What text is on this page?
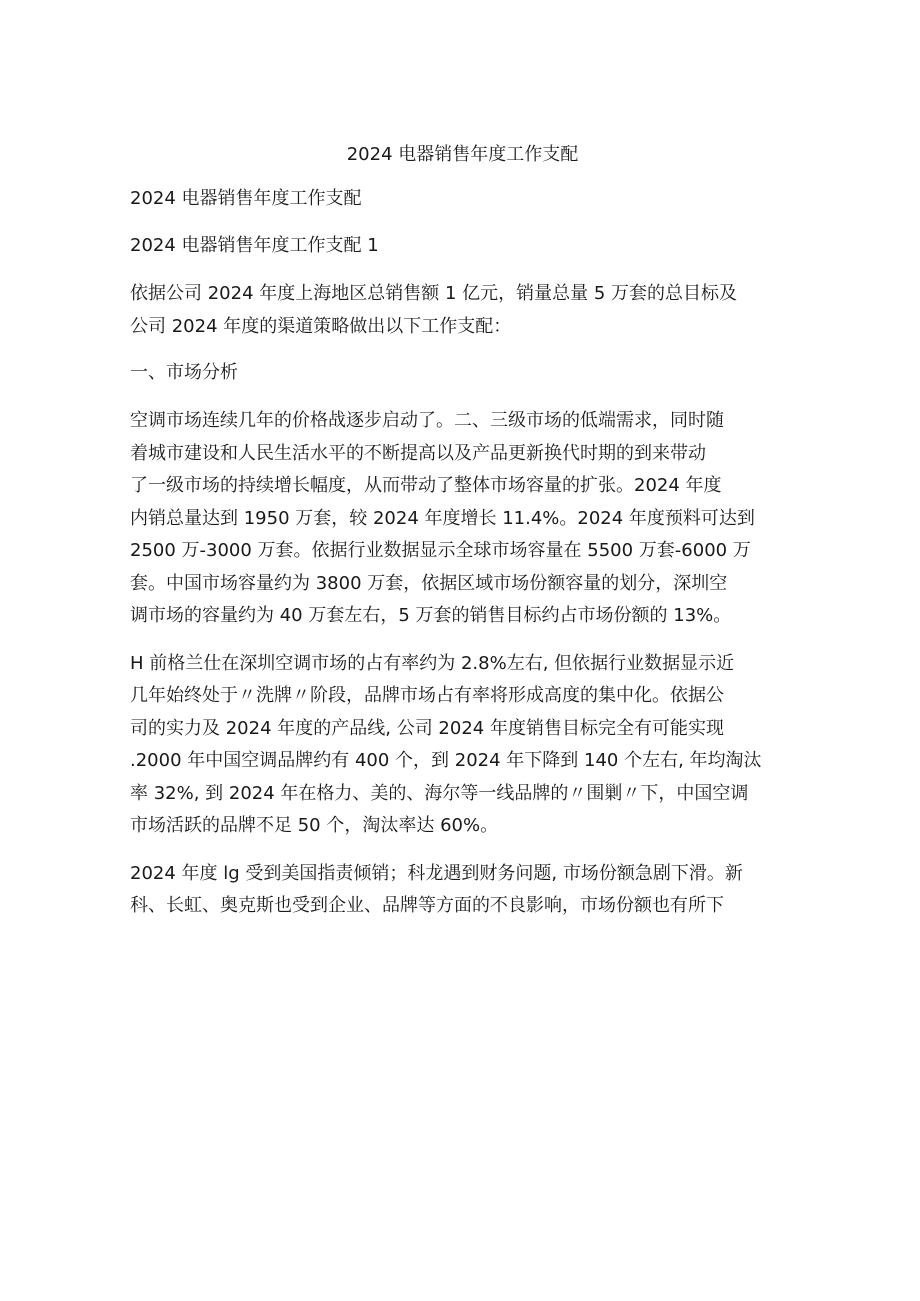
2024 电器销售年度工作支配
2024 电器销售年度工作支配
2024 电器销售年度工作支配 1
依据公司 2024 年度上海地区总销售额 1 亿元，销量总量 5 万套的总目标及
公司 2024 年度的渠道策略做出以下工作支配：
一、市场分析
空调市场连续几年的价格战逐步启动了。二、三级市场的低端需求，同时随
着城市建设和人民生活水平的不断提高以及产品更新换代时期的到来带动
了一级市场的持续增长幅度，从而带动了整体市场容量的扩张。2024 年度
内销总量达到 1950 万套，较 2024 年度增长 11.4%。2024 年度预料可达到
2500 万-3000 万套。依据行业数据显示全球市场容量在 5500 万套-6000 万
套。中国市场容量约为 3800 万套，依据区域市场份额容量的划分，深圳空
调市场的容量约为 40 万套左右，5 万套的销售目标约占市场份额的 13%。
H 前格兰仕在深圳空调市场的占有率约为 2.8%左右, 但依据行业数据显示近
几年始终处于〃洗牌〃阶段，品牌市场占有率将形成高度的集中化。依据公
司的实力及 2024 年度的产品线, 公司 2024 年度销售目标完全有可能实现
.2000 年中国空调品牌约有 400 个，到 2024 年下降到 140 个左右, 年均淘汰
率 32%, 到 2024 年在格力、美的、海尔等一线品牌的〃围剿〃下，中国空调
市场活跃的品牌不足 50 个，淘汰率达 60%。
2024 年度 lg 受到美国指责倾销；科龙遇到财务问题, 市场份额急剧下滑。新
科、长虹、奥克斯也受到企业、品牌等方面的不良影响，市场份额也有所下
